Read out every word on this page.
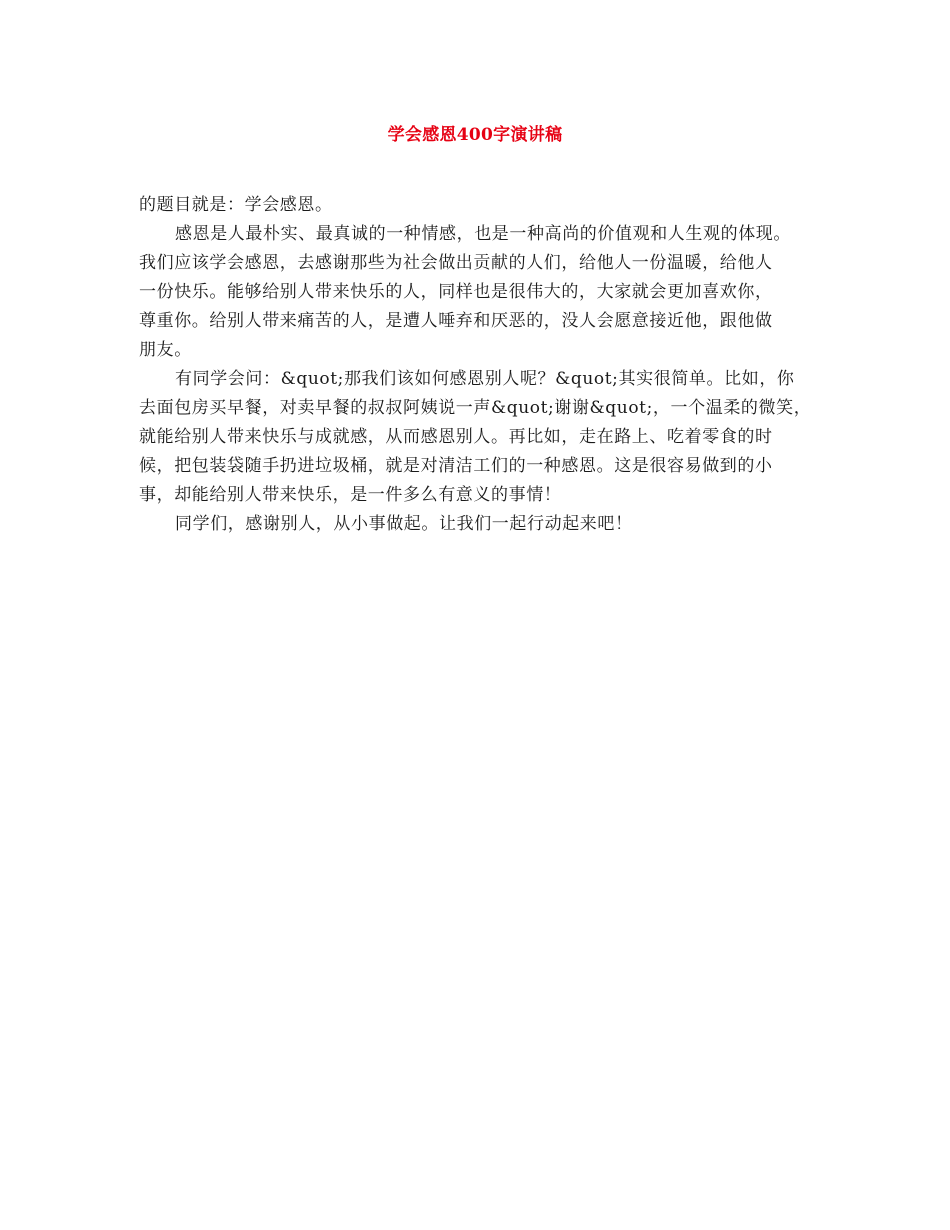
学会感恩400字演讲稿
的题目就是：学会感恩。
感恩是人最朴实、最真诚的一种情感，也是一种高尚的价值观和人生观的体现。
我们应该学会感恩，去感谢那些为社会做出贡献的人们，给他人一份温暖，给他人
一份快乐。能够给别人带来快乐的人，同样也是很伟大的，大家就会更加喜欢你，
尊重你。给别人带来痛苦的人，是遭人唾弃和厌恶的，没人会愿意接近他，跟他做
朋友。
有同学会问：&quot;那我们该如何感恩别人呢？&quot;其实很简单。比如，你
去面包房买早餐，对卖早餐的叔叔阿姨说一声&quot;谢谢&quot;，一个温柔的微笑，
就能给别人带来快乐与成就感，从而感恩别人。再比如，走在路上、吃着零食的时
候，把包装袋随手扔进垃圾桶，就是对清洁工们的一种感恩。这是很容易做到的小
事，却能给别人带来快乐，是一件多么有意义的事情！
同学们，感谢别人，从小事做起。让我们一起行动起来吧！
